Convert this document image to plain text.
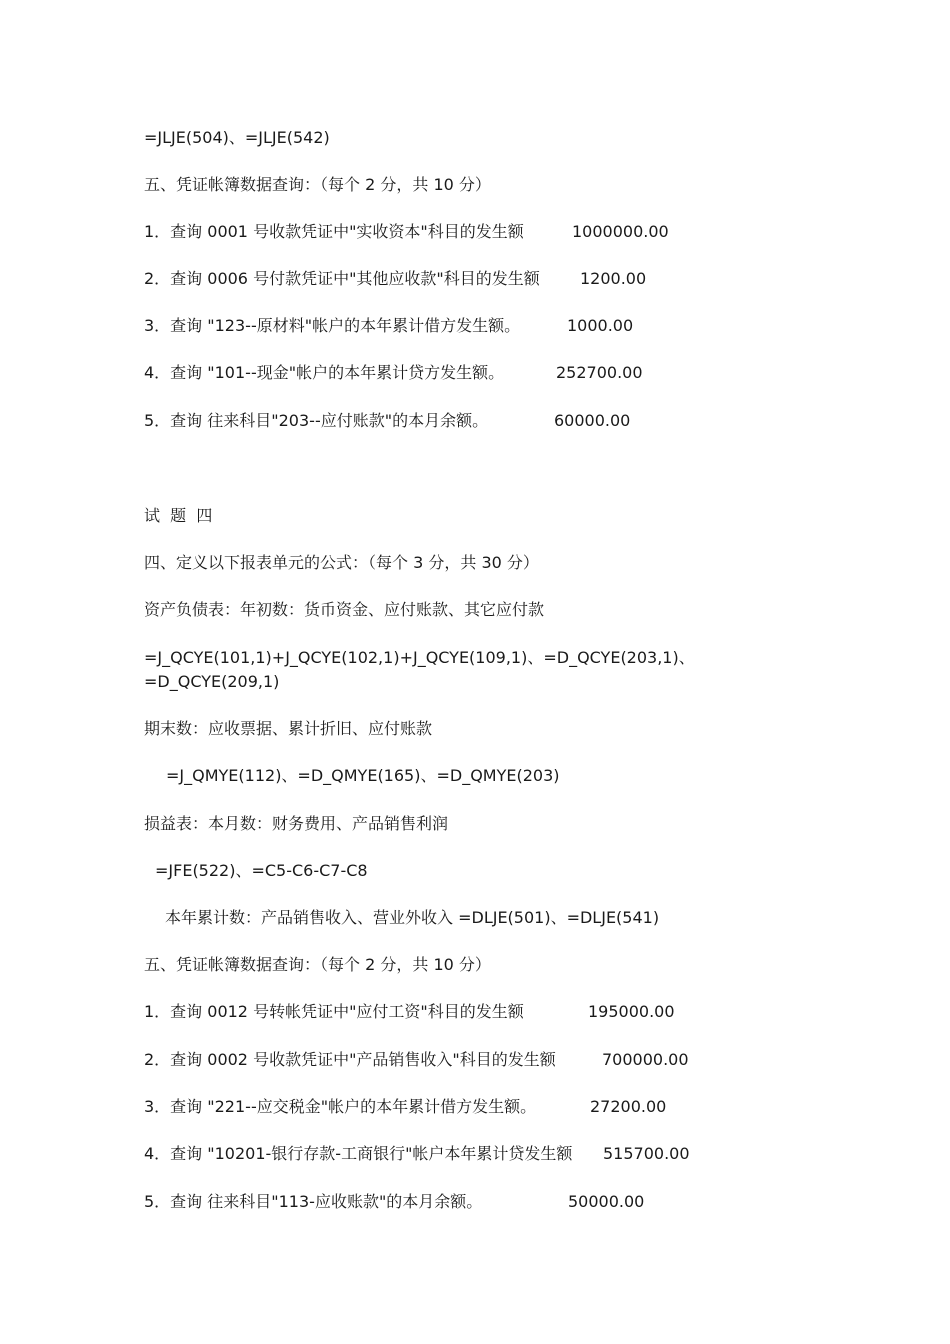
=JLJE(504)、=JLJE(542)
五、凭证帐簿数据查询：（每个 2 分，共 10 分）
1．查询 0001 号收款凭证中"实收资本"科目的发生额	1000000.00
2．查询 0006 号付款凭证中"其他应收款"科目的发生额	1200.00
3．查询 "123--原材料"帐户的本年累计借方发生额。	1000.00
4．查询 "101--现金"帐户的本年累计贷方发生额。	252700.00
5．查询 往来科目"203--应付账款"的本月余额。	60000.00
试  题  四
四、定义以下报表单元的公式：（每个 3 分，共 30 分）
资产负债表：年初数：货币资金、应付账款、其它应付款
=J_QCYE(101,1)+J_QCYE(102,1)+J_QCYE(109,1)、=D_QCYE(203,1)、=D_QCYE(209,1)
期末数：应收票据、累计折旧、应付账款
=J_QMYE(112)、=D_QMYE(165)、=D_QMYE(203)
损益表：本月数：财务费用、产品销售利润
=JFE(522)、=C5-C6-C7-C8
本年累计数：产品销售收入、营业外收入 =DLJE(501)、=DLJE(541)
五、凭证帐簿数据查询：（每个 2 分，共 10 分）
1．查询 0012 号转帐凭证中"应付工资"科目的发生额	195000.00
2．查询 0002 号收款凭证中"产品销售收入"科目的发生额	700000.00
3．查询 "221--应交税金"帐户的本年累计借方发生额。	27200.00
4．查询 "10201-银行存款-工商银行"帐户本年累计贷发生额 515700.00
5．查询 往来科目"113-应收账款"的本月余额。	50000.00
